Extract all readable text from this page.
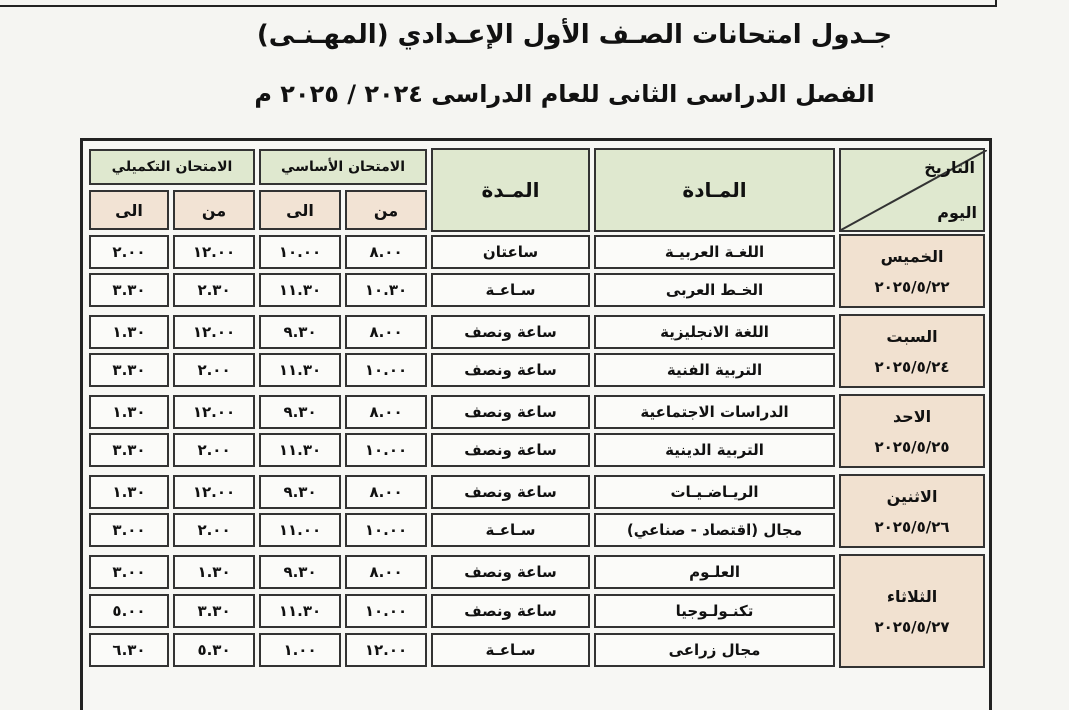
جـدول امتحانات الصـف الأول الإعـدادي (المهـنـى)
الفصل الدراسى الثانى للعام الدراسى ٢٠٢٤ / ٢٠٢٥ م
التاريخ
اليوم	المـادة	المـدة	الامتحان الأساسي		الامتحان التكميلي	

من	الى	من	الى

الخميس
٢٠٢٥/٥/٢٢	اللغـة العربيـة	ساعتان	٨.٠٠	١٠.٠٠	١٢.٠٠	٢.٠٠

الخـط العربى	سـاعـة	١٠.٣٠	١١.٣٠	٢.٣٠	٣.٣٠

السبت
٢٠٢٥/٥/٢٤	اللغة الانجليزية	ساعة ونصف	٨.٠٠	٩.٣٠	١٢.٠٠	١.٣٠

التربية الفنية	ساعة ونصف	١٠.٠٠	١١.٣٠	٢.٠٠	٣.٣٠

الاحد
٢٠٢٥/٥/٢٥	الدراسات الاجتماعية	ساعة ونصف	٨.٠٠	٩.٣٠	١٢.٠٠	١.٣٠

التربية الدينية	ساعة ونصف	١٠.٠٠	١١.٣٠	٢.٠٠	٣.٣٠

الاثنين
٢٠٢٥/٥/٢٦	الريـاضـيـات	ساعة ونصف	٨.٠٠	٩.٣٠	١٢.٠٠	١.٣٠

مجال (اقتصاد - صناعي)	سـاعـة	١٠.٠٠	١١.٠٠	٢.٠٠	٣.٠٠

الثلاثاء
٢٠٢٥/٥/٢٧	العلـوم	ساعة ونصف	٨.٠٠	٩.٣٠	١.٣٠	٣.٠٠

تكنـولـوجيا	ساعة ونصف	١٠.٠٠	١١.٣٠	٣.٣٠	٥.٠٠

مجال زراعى	سـاعـة	١٢.٠٠	١.٠٠	٥.٣٠	٦.٣٠
